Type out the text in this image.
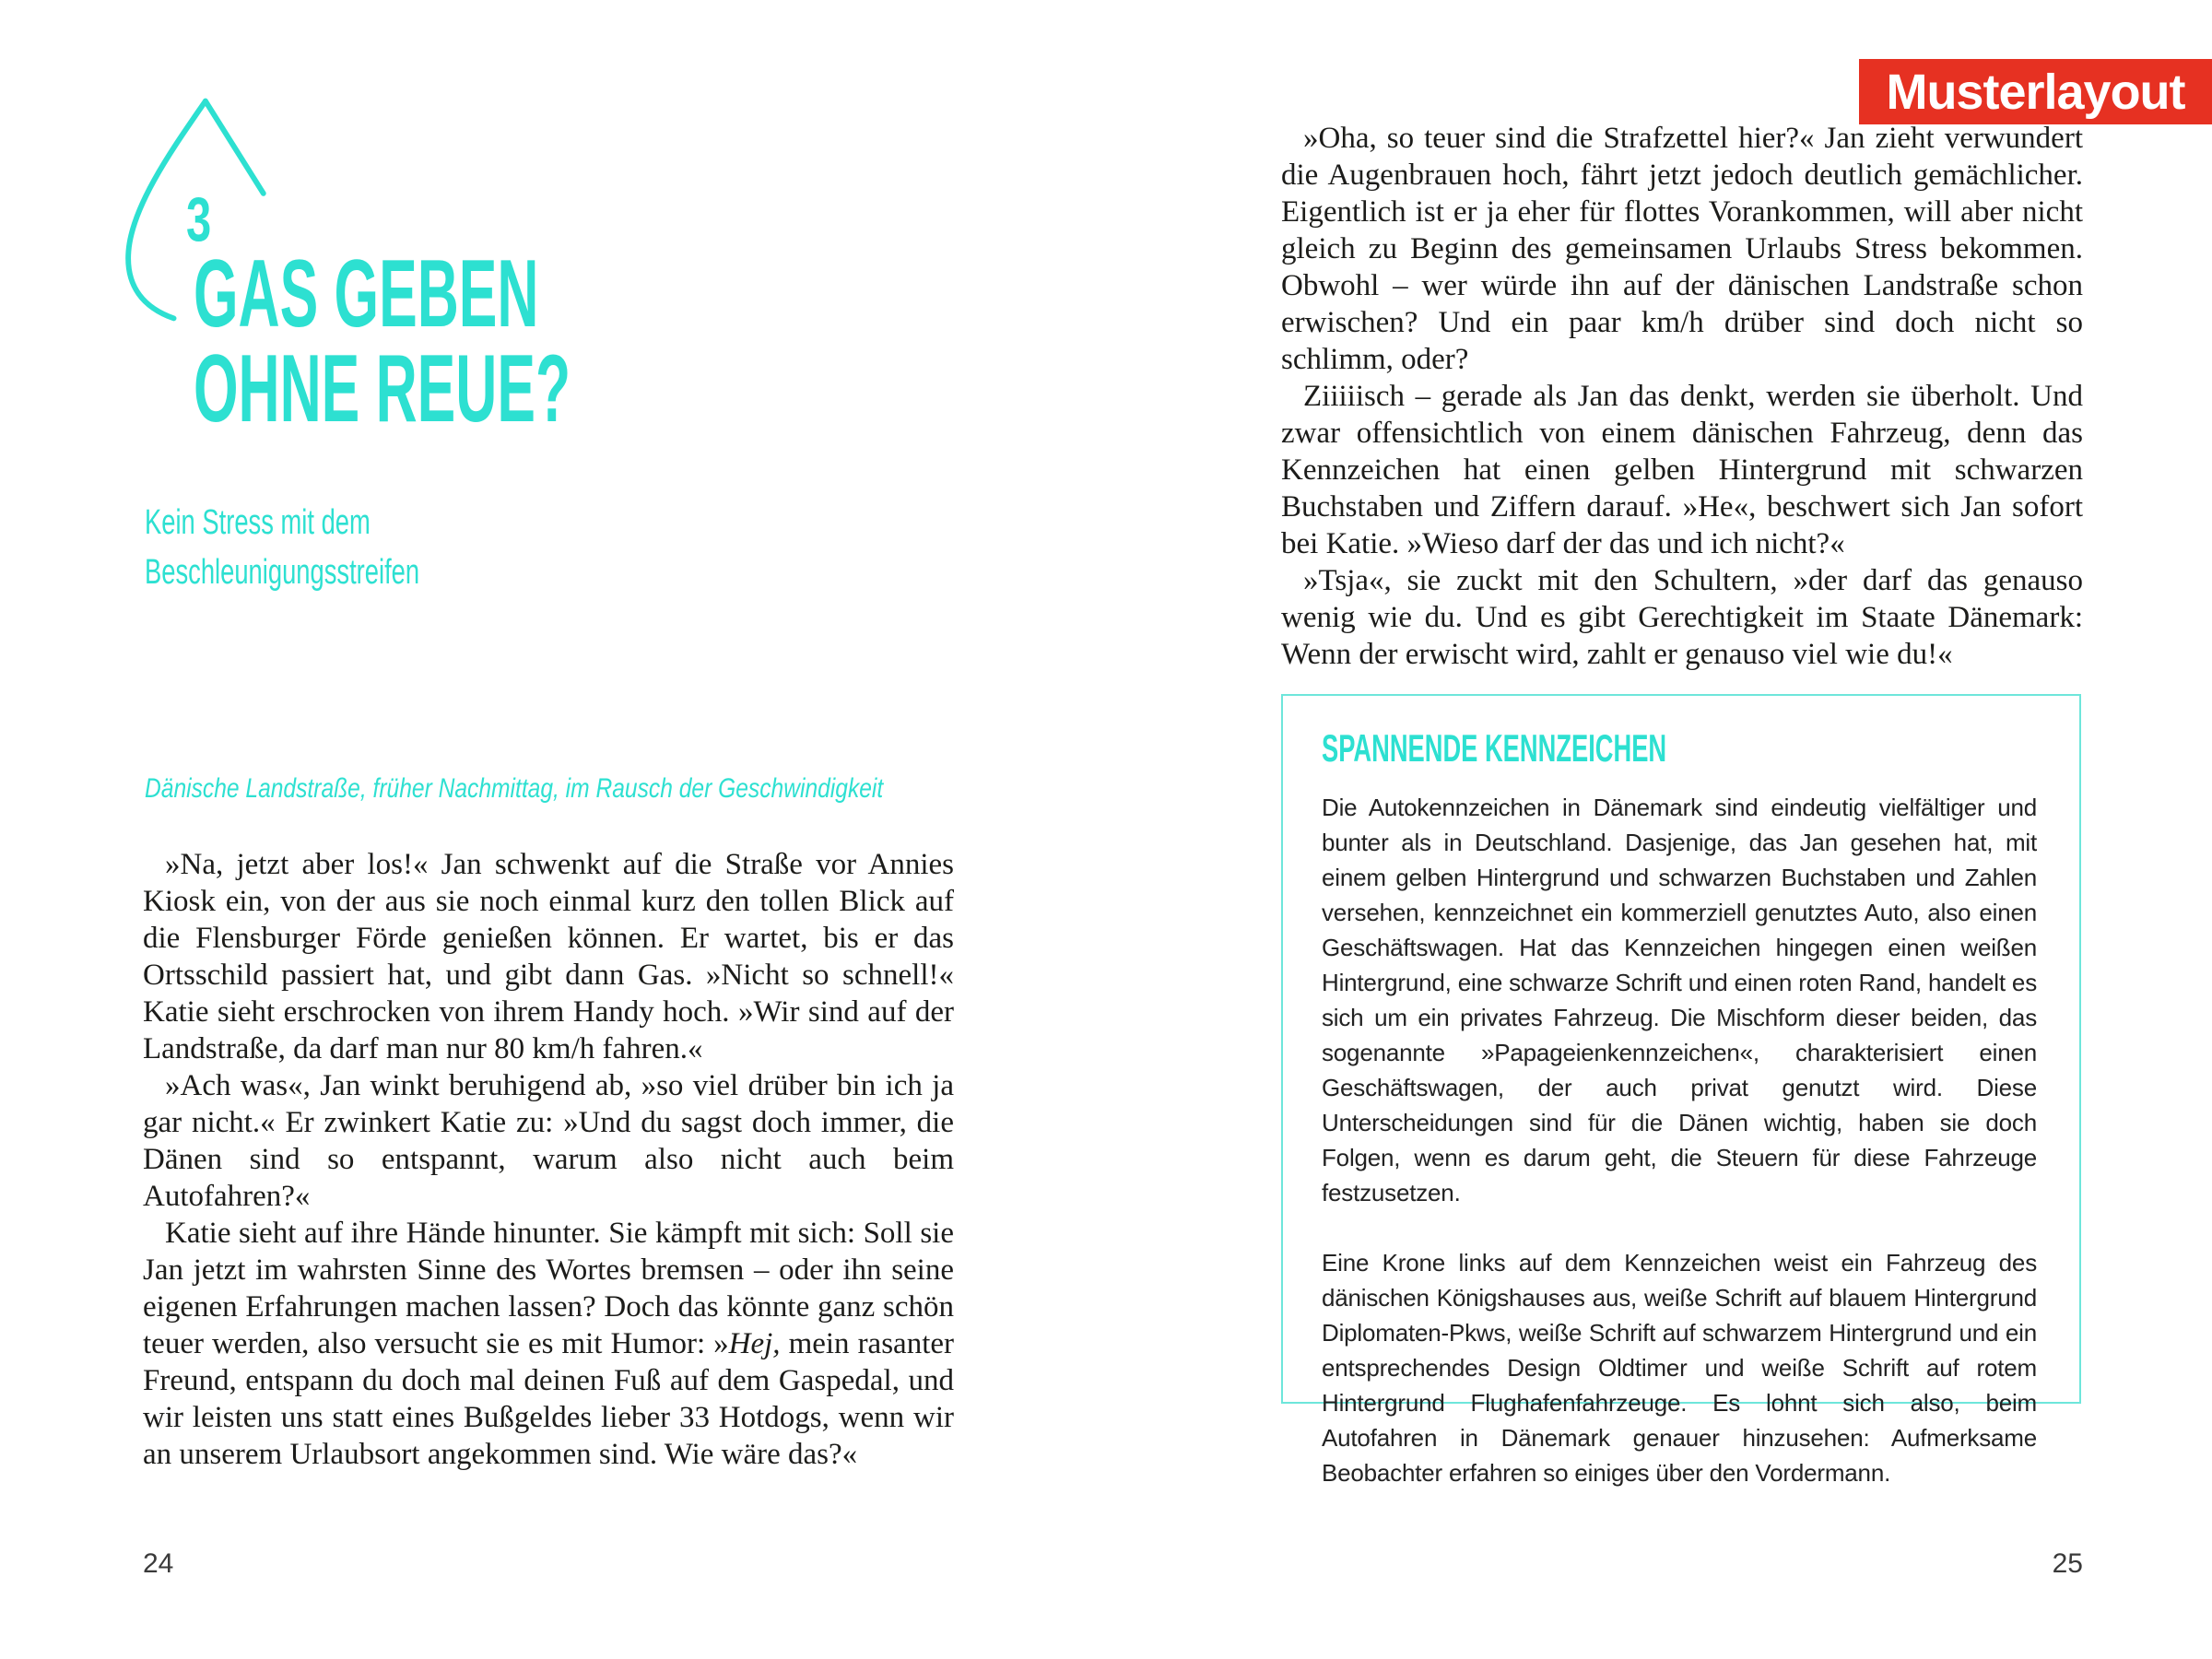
3
GAS GEBEN
OHNE REUE?
Kein Stress mit dem
Beschleunigungsstreifen
Dänische Landstraße, früher Nachmittag, im Rausch der Geschwindigkeit

»Na, jetzt aber los!« Jan schwenkt auf die Straße vor Annies Kiosk ein, von der aus sie noch einmal kurz den tollen Blick auf die Flensburger Förde genießen können. Er wartet, bis er das Ortsschild passiert hat, und gibt dann Gas. »Nicht so schnell!« Katie sieht erschrocken von ihrem Handy hoch. »Wir sind auf der Landstraße, da darf man nur 80 km/h fahren.«

»Ach was«, Jan winkt beruhigend ab, »so viel drüber bin ich ja gar nicht.« Er zwinkert Katie zu: »Und du sagst doch immer, die Dänen sind so entspannt, warum also nicht auch beim Autofahren?«

Katie sieht auf ihre Hände hinunter. Sie kämpft mit sich: Soll sie Jan jetzt im wahrsten Sinne des Wortes bremsen – oder ihn seine eigenen Erfahrungen machen lassen? Doch das könnte ganz schön teuer werden, also versucht sie es mit Humor: »Hej, mein rasanter Freund, entspann du doch mal deinen Fuß auf dem Gaspedal, und wir leisten uns statt eines Bußgeldes lieber 33 Hotdogs, wenn wir an unserem Urlaubsort angekommen sind. Wie wäre das?«

24
Musterlayout

»Oha, so teuer sind die Strafzettel hier?« Jan zieht verwundert die Augenbrauen hoch, fährt jetzt jedoch deutlich gemächlicher. Eigentlich ist er ja eher für flottes Vorankommen, will aber nicht gleich zu Beginn des gemeinsamen Urlaubs Stress bekommen. Obwohl – wer würde ihn auf der dänischen Landstraße schon erwischen? Und ein paar km/h drüber sind doch nicht so schlimm, oder?

Ziiiiisch – gerade als Jan das denkt, werden sie überholt. Und zwar offensichtlich von einem dänischen Fahrzeug, denn das Kennzeichen hat einen gelben Hintergrund mit schwarzen Buchstaben und Ziffern darauf. »He«, beschwert sich Jan sofort bei Katie. »Wieso darf der das und ich nicht?«

»Tsja«, sie zuckt mit den Schultern, »der darf das genauso wenig wie du. Und es gibt Gerechtigkeit im Staate Dänemark: Wenn der erwischt wird, zahlt er genauso viel wie du!«

SPANNENDE KENNZEICHEN

Die Autokennzeichen in Dänemark sind eindeutig vielfältiger und bunter als in Deutschland. Dasjenige, das Jan gesehen hat, mit einem gelben Hintergrund und schwarzen Buchstaben und Zahlen versehen, kennzeichnet ein kommerziell genutztes Auto, also einen Geschäftswagen. Hat das Kennzeichen hingegen einen weißen Hintergrund, eine schwarze Schrift und einen roten Rand, handelt es sich um ein privates Fahrzeug. Die Mischform dieser beiden, das sogenannte »Papageienkennzeichen«, charakterisiert einen Geschäftswagen, der auch privat genutzt wird. Diese Unterscheidungen sind für die Dänen wichtig, haben sie doch Folgen, wenn es darum geht, die Steuern für diese Fahrzeuge festzusetzen.

Eine Krone links auf dem Kennzeichen weist ein Fahrzeug des dänischen Königshauses aus, weiße Schrift auf blauem Hintergrund Diplomaten-Pkws, weiße Schrift auf schwarzem Hintergrund und ein entsprechendes Design Oldtimer und weiße Schrift auf rotem Hintergrund Flughafenfahrzeuge. Es lohnt sich also, beim Autofahren in Dänemark genauer hinzusehen: Aufmerksame Beobachter erfahren so einiges über den Vordermann.

25
